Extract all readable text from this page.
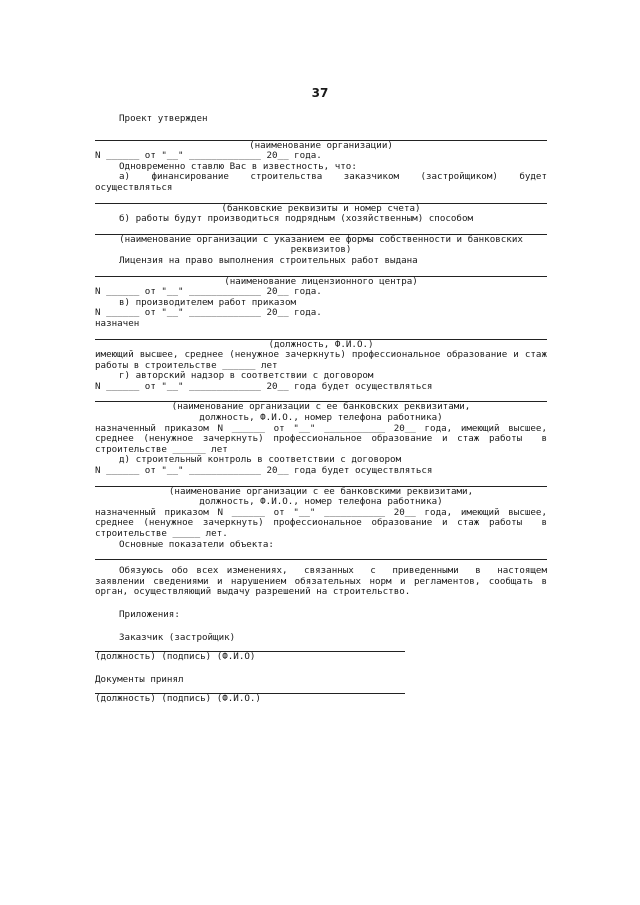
37

Проект утвержден

(наименование организации)

N ______ от "__" _____________ 20__ года.

Одновременно ставлю Вас в известность, что:

а)  финансирование  строительства  заказчиком  (застройщиком)  будет осуществляться

(банковские реквизиты и номер счета)

б) работы будут производиться подрядным (хозяйственным) способом

(наименование организации с указанием ее формы собственности и банковских реквизитов)

Лицензия на право выполнения строительных работ выдана

(наименование лицензионного центра)

N ______ от "__" _____________ 20__ года.

в) производителем работ приказом

N ______ от "__" _____________ 20__ года.

назначен

(должность, Ф.И.О.)

имеющий высшее, среднее (ненужное зачеркнуть) профессиональное образование и стаж работы в строительстве ______ лет

г) авторский надзор в соответствии с договором

N ______ от "__" _____________ 20__ года будет осуществляться

(наименование организации с ее банковских реквизитами,

должность, Ф.И.О., номер телефона работника)

назначенный приказом N ______ от "__" ___________ 20__ года, имеющий высшее, среднее (ненужное зачеркнуть) профессиональное образование и стаж работы  в строительстве ______ лет

д) строительный контроль в соответствии с договором

N ______ от "__" _____________ 20__ года будет осуществляться

(наименование организации с ее банковскими реквизитами,

должность, Ф.И.О., номер телефона работника)

назначенный приказом N ______ от "__" ___________ 20__ года, имеющий высшее, среднее (ненужное зачеркнуть) профессиональное образование и стаж работы  в строительстве _____ лет.

Основные показатели объекта:

Обязуюсь обо всех изменениях,  связанных  с  приведенными  в  настоящем заявлении сведениями и нарушением обязательных норм и регламентов, сообщать в орган, осуществляющий выдачу разрешений на строительство.

Приложения:

Заказчик (застройщик)

(должность) (подпись) (Ф.И.О)

Документы принял

(должность) (подпись) (Ф.И.О.)
